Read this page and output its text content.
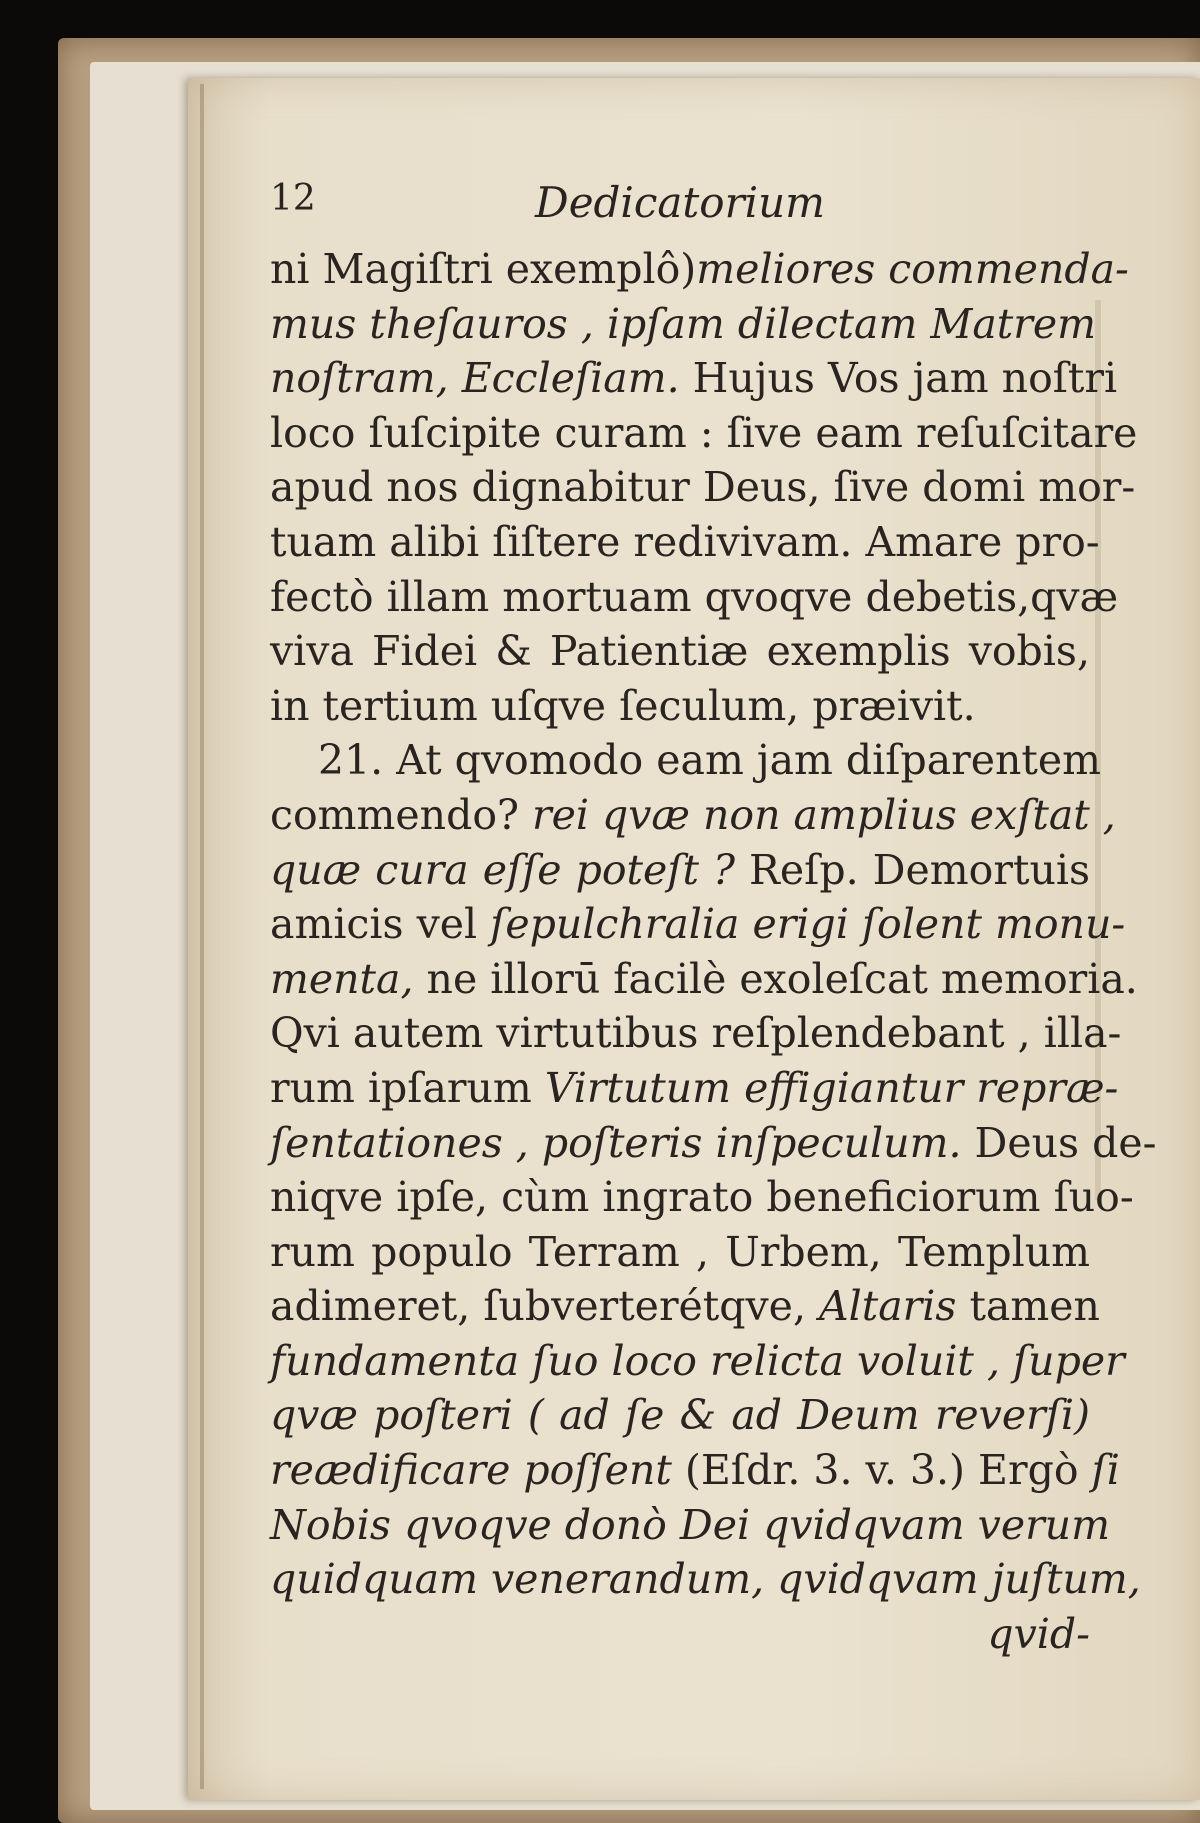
12	Dedicatorium
ni Magiſtri exemplô)meliores commenda-
mus theſauros , ipſam dilectam Matrem
noſtram, Eccleſiam. Hujus Vos jam noſtri
loco ſuſcipite curam : ſive eam reſuſcitare
apud nos dignabitur Deus, ſive domi mor-
tuam alibi ſiſtere redivivam. Amare pro-
fectò illam mortuam qvoqve debetis,qvæ
viva Fidei & Patientiæ exemplis vobis,
in tertium uſqve ſeculum, præivit.
21. At qvomodo eam jam diſparentem
commendo? rei qvæ non amplius exſtat ,
quæ cura eſſe poteſt ? Reſp. Demortuis
amicis vel ſepulchralia erigi ſolent monu-
menta, ne illorū facilè exoleſcat memoria.
Qvi autem virtutibus reſplendebant , illa-
rum ipſarum Virtutum effigiantur repræ-
ſentationes , poſteris inſpeculum. Deus de-
niqve ipſe, cùm ingrato beneficiorum ſuo-
rum populo Terram , Urbem, Templum
adimeret, ſubverterétqve, Altaris tamen
fundamenta ſuo loco relicta voluit , ſuper
qvæ poſteri ( ad ſe & ad Deum reverſi)
reædificare poſſent (Eſdr. 3. v. 3.) Ergò ſi
Nobis qvoqve donò Dei qvidqvam verum
quidquam venerandum, qvidqvam juſtum,
qvid-
